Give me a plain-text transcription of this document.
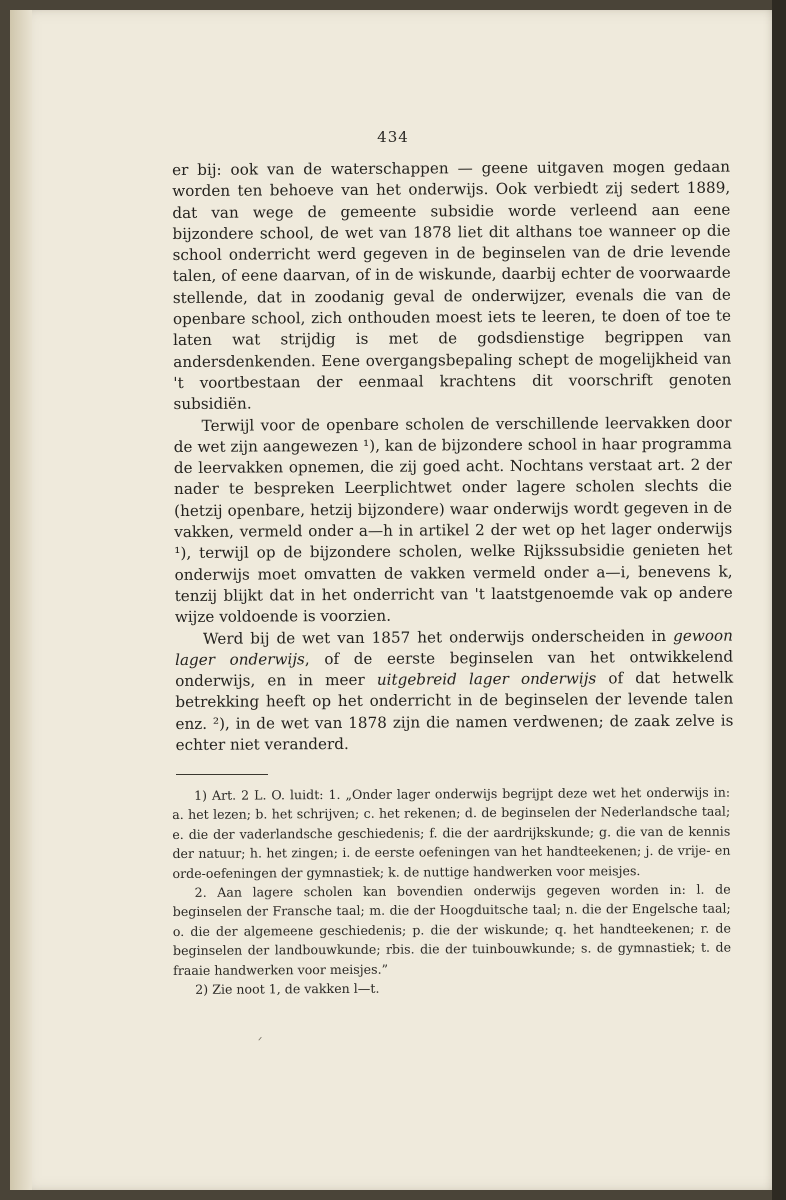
434

er bij: ook van de waterschappen — geene uitgaven mogen gedaan worden ten behoeve van het onderwijs. Ook verbiedt zij sedert 1889, dat van wege de gemeente subsidie worde verleend aan eene bijzondere school, de wet van 1878 liet dit althans toe wanneer op die school onderricht werd gegeven in de beginselen van de drie levende talen, of eene daarvan, of in de wiskunde, daarbij echter de voorwaarde stellende, dat in zoodanig geval de onderwijzer, evenals die van de openbare school, zich onthouden moest iets te leeren, te doen of toe te laten wat strijdig is met de godsdienstige begrippen van andersdenkenden. Eene overgangsbepaling schept de mogelijkheid van 't voortbestaan der eenmaal krachtens dit voorschrift genoten subsidiën.

Terwijl voor de openbare scholen de verschillende leervakken door de wet zijn aangewezen ¹), kan de bijzondere school in haar programma de leervakken opnemen, die zij goed acht. Nochtans verstaat art. 2 der nader te bespreken Leerplichtwet onder lagere scholen slechts die (hetzij openbare, hetzij bijzondere) waar onderwijs wordt gegeven in de vakken, vermeld onder a—h in artikel 2 der wet op het lager onderwijs ¹), terwijl op de bijzondere scholen, welke Rijkssubsidie genieten het onderwijs moet omvatten de vakken vermeld onder a—i, benevens k, tenzij blijkt dat in het onderricht van 't laatstgenoemde vak op andere wijze voldoende is voorzien.

Werd bij de wet van 1857 het onderwijs onderscheiden in gewoon lager onderwijs, of de eerste beginselen van het ontwikkelend onderwijs, en in meer uitgebreid lager onderwijs of dat hetwelk betrekking heeft op het onderricht in de beginselen der levende talen enz. ²), in de wet van 1878 zijn die namen verdwenen; de zaak zelve is echter niet veranderd.

1) Art. 2 L. O. luidt: 1. „Onder lager onderwijs begrijpt deze wet het onderwijs in: a. het lezen; b. het schrijven; c. het rekenen; d. de beginselen der Nederlandsche taal; e. die der vaderlandsche geschiedenis; f. die der aardrijkskunde; g. die van de kennis der natuur; h. het zingen; i. de eerste oefeningen van het handteekenen; j. de vrije- en orde-oefeningen der gymnastiek; k. de nuttige handwerken voor meisjes.

2. Aan lagere scholen kan bovendien onderwijs gegeven worden in: l. de beginselen der Fransche taal; m. die der Hoogduitsche taal; n. die der Engelsche taal; o. die der algemeene geschiedenis; p. die der wiskunde; q. het handteekenen; r. de beginselen der landbouwkunde; rbis. die der tuinbouwkunde; s. de gymnastiek; t. de fraaie handwerken voor meisjes.”

2) Zie noot 1, de vakken l—t.

ᐟ
